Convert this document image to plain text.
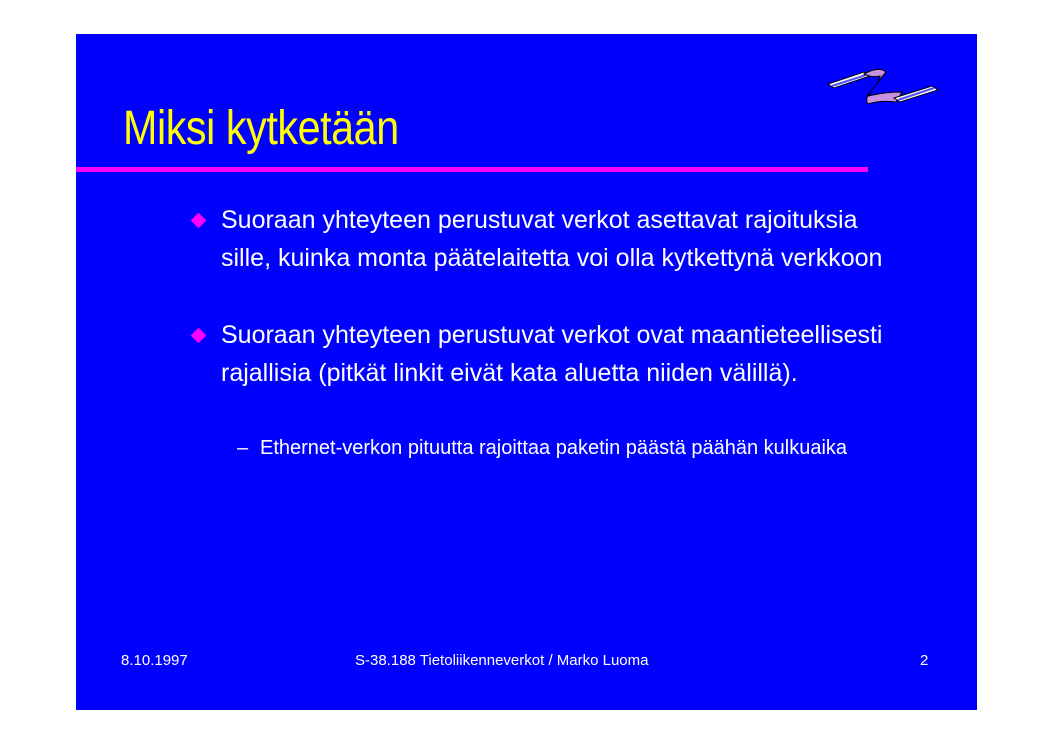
Miksi kytketään
Suoraan yhteyteen perustuvat verkot asettavat rajoituksia sille, kuinka monta päätelaitetta voi olla kytkettynä verkkoon
Suoraan yhteyteen perustuvat verkot ovat maantieteellisesti rajallisia (pitkät linkit eivät kata aluetta niiden välillä).
– Ethernet-verkon pituutta rajoittaa paketin päästä päähän kulkuaika
8.10.1997	S-38.188 Tietoliikenneverkot / Marko Luoma	2
